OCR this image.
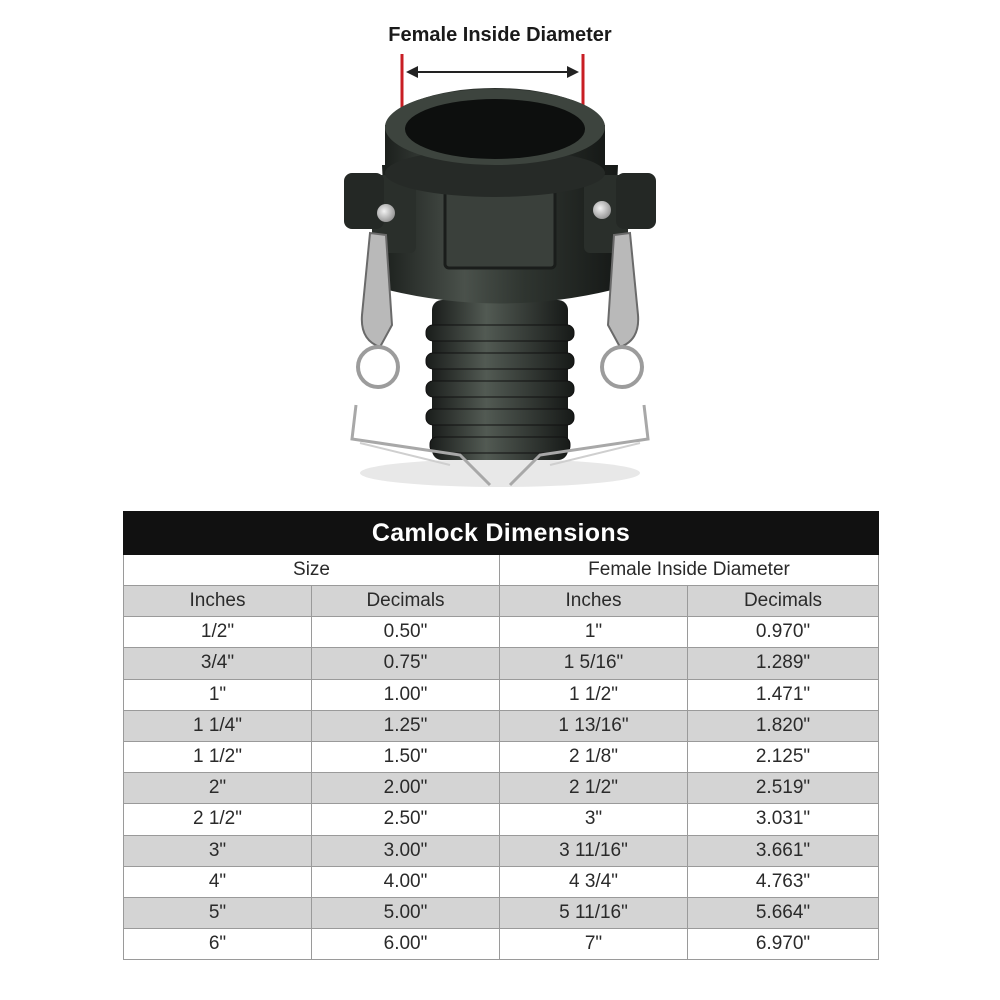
Female Inside Diameter
Camlock Dimensions			
Size		Female Inside Diameter	
Inches	Decimals	Inches	Decimals
1/2"	0.50"	1"	0.970"
3/4"	0.75"	1 5/16"	1.289"
1"	1.00"	1 1/2"	1.471"
1 1/4"	1.25"	1 13/16"	1.820"
1 1/2"	1.50"	2 1/8"	2.125"
2"	2.00"	2 1/2"	2.519"
2 1/2"	2.50"	3"	3.031"
3"	3.00"	3 11/16"	3.661"
4"	4.00"	4 3/4"	4.763"
5"	5.00"	5 11/16"	5.664"
6"	6.00"	7"	6.970"
